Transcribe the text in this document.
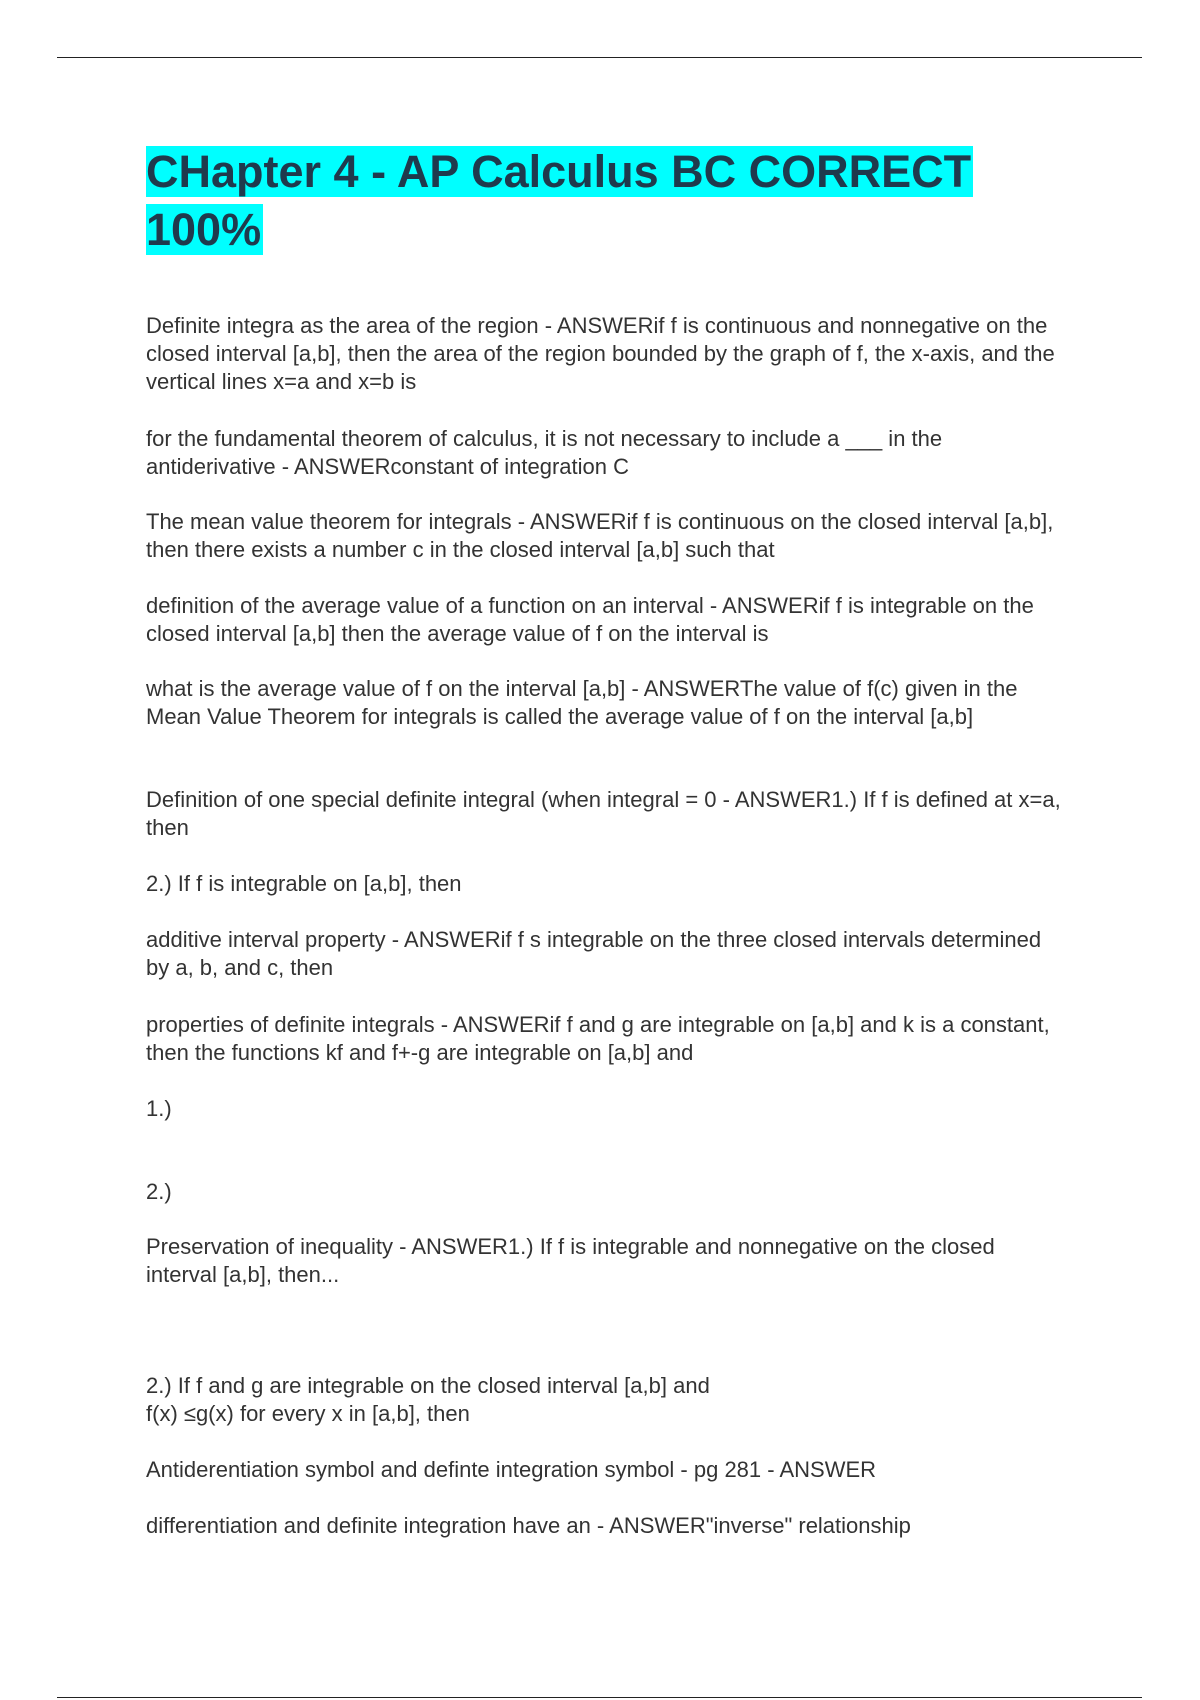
CHapter 4 - AP Calculus BC CORRECT 100%

Definite integra as the area of the region - ANSWERif f is continuous and nonnegative on the closed interval [a,b], then the area of the region bounded by the graph of f, the x-axis, and the vertical lines x=a and x=b is

for the fundamental theorem of calculus, it is not necessary to include a ___ in the antiderivative - ANSWERconstant of integration C

The mean value theorem for integrals - ANSWERif f is continuous on the closed interval [a,b], then there exists a number c in the closed interval [a,b] such that

definition of the average value of a function on an interval - ANSWERif f is integrable on the closed interval [a,b] then the average value of f on the interval is

what is the average value of f on the interval [a,b] - ANSWERThe value of f(c) given in the Mean Value Theorem for integrals is called the average value of f on the interval [a,b]

Definition of one special definite integral (when integral = 0 - ANSWER1.) If f is defined at x=a, then

2.) If f is integrable on [a,b], then

additive interval property - ANSWERif f s integrable on the three closed intervals determined by a, b, and c, then

properties of definite integrals - ANSWERif f and g are integrable on [a,b] and k is a constant, then the functions kf and f+-g are integrable on [a,b] and

1.)

2.)

Preservation of inequality - ANSWER1.) If f is integrable and nonnegative on the closed interval [a,b], then...

2.) If f and g are integrable on the closed interval [a,b] and

f(x) ≤g(x) for every x in [a,b], then

Antiderentiation symbol and definte integration symbol - pg 281 - ANSWER

differentiation and definite integration have an - ANSWER"inverse" relationship
